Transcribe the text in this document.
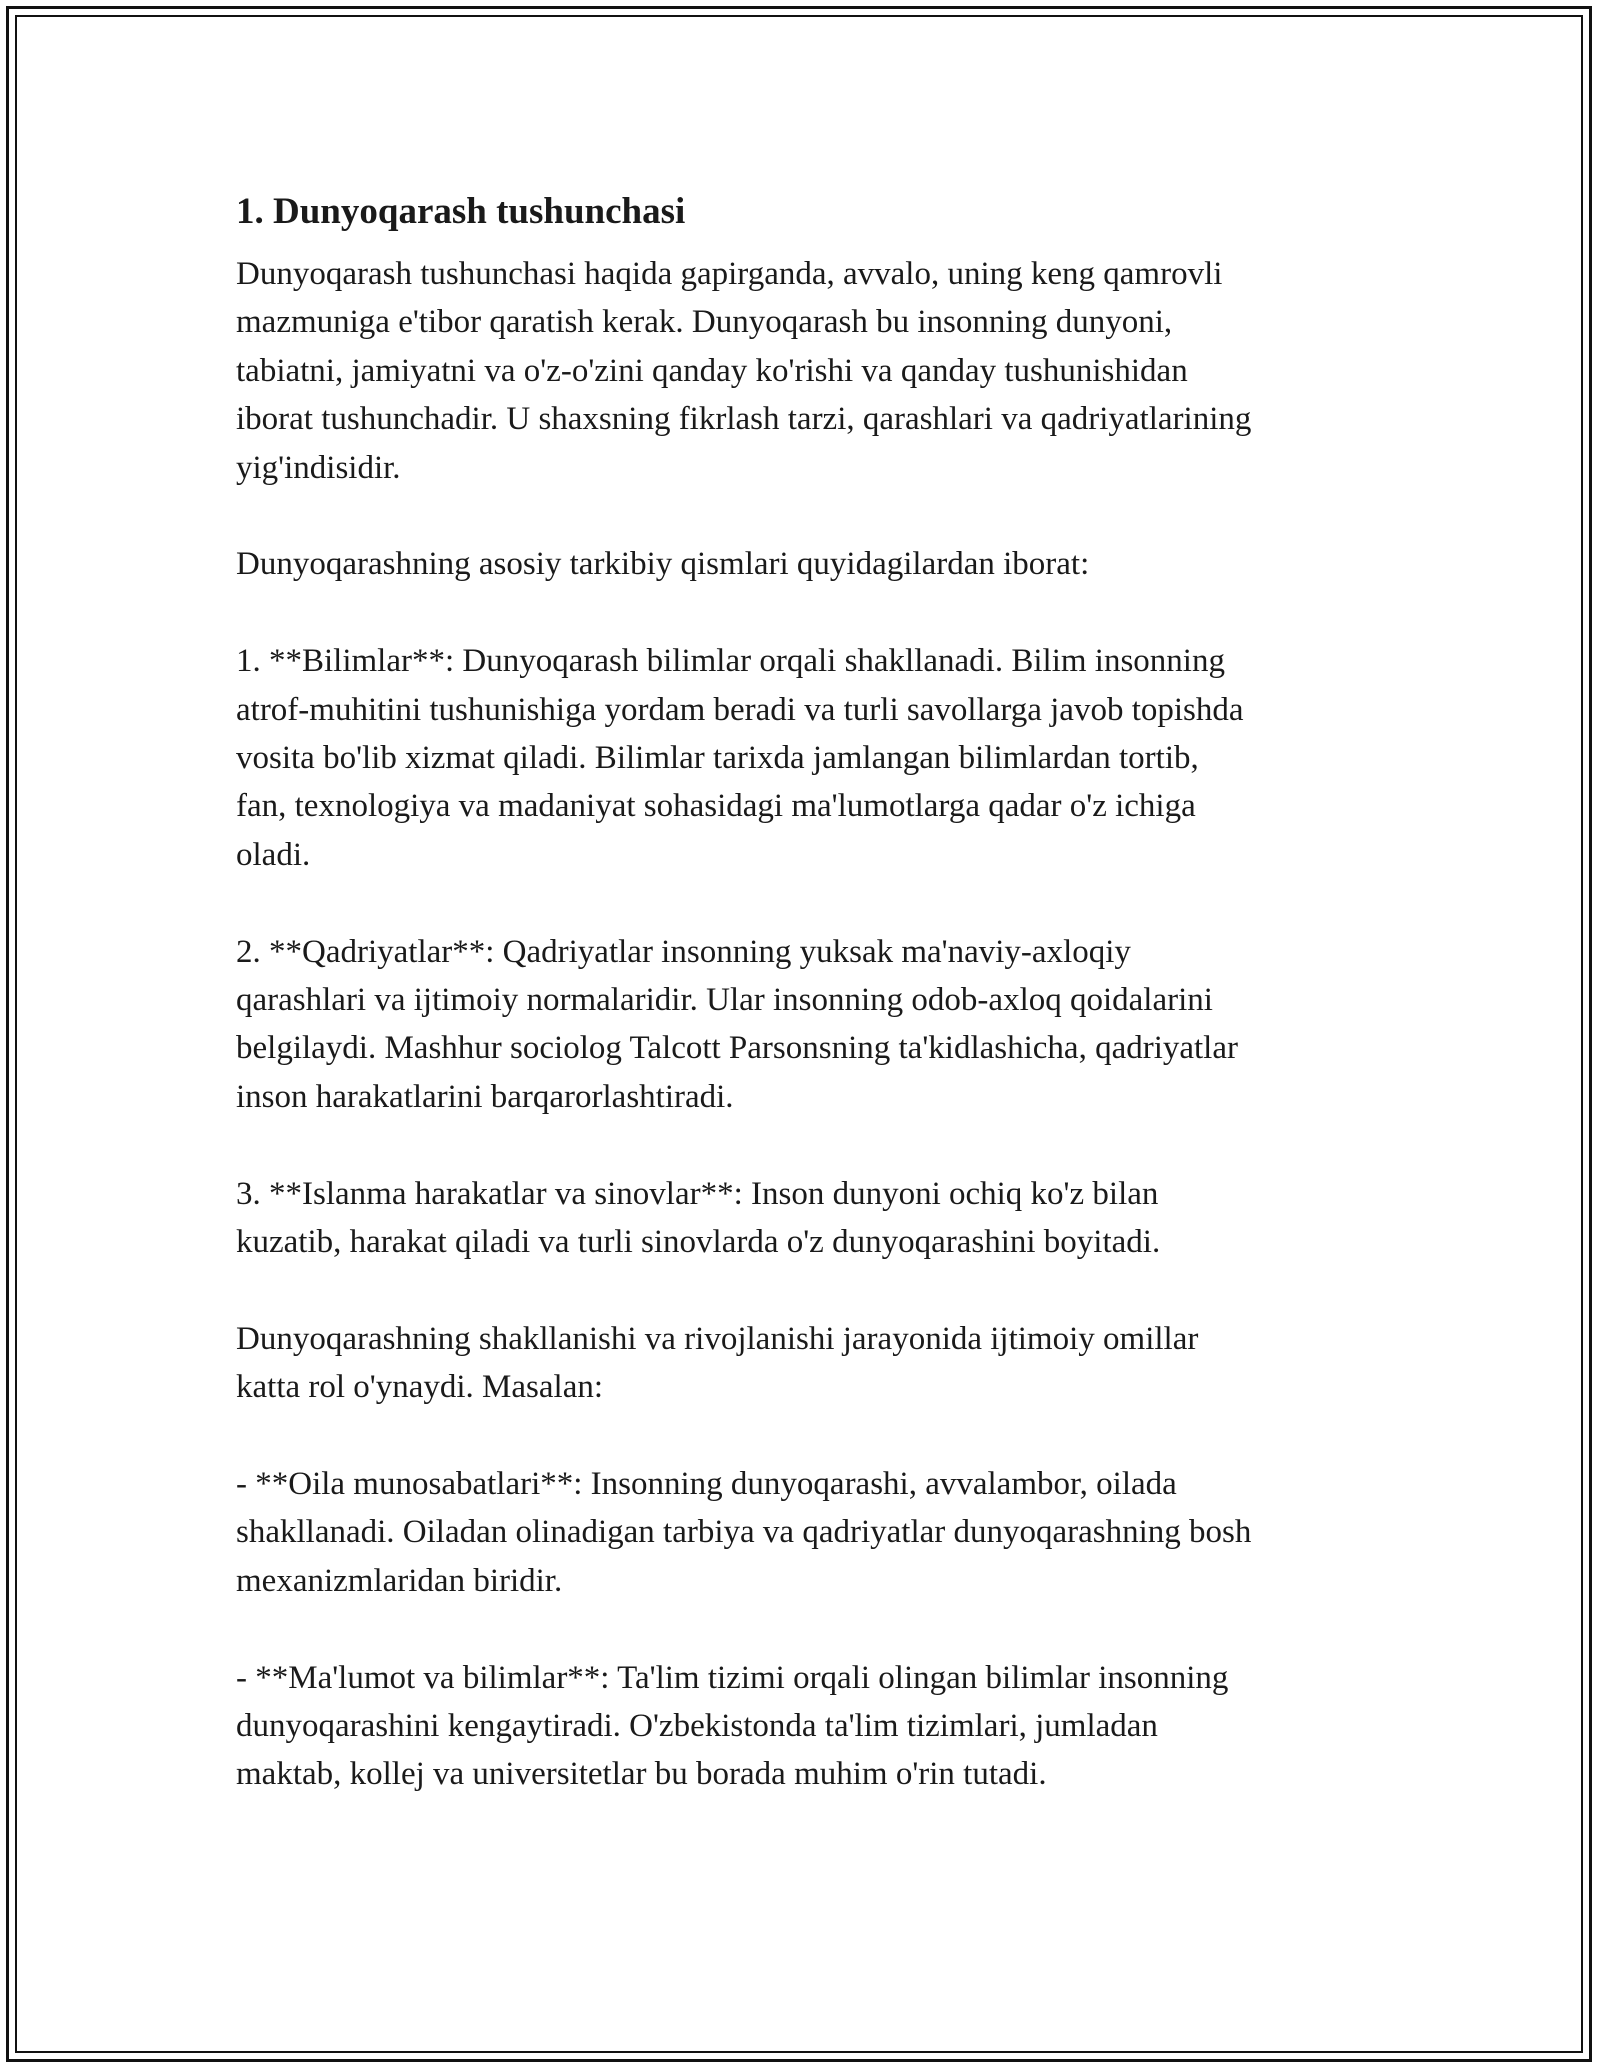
1. Dunyoqarash tushunchasi
Dunyoqarash tushunchasi haqida gapirganda, avvalo, uning keng qamrovli
mazmuniga e'tibor qaratish kerak. Dunyoqarash bu insonning dunyoni,
tabiatni, jamiyatni va o'z-o'zini qanday ko'rishi va qanday tushunishidan
iborat tushunchadir. U shaxsning fikrlash tarzi, qarashlari va qadriyatlarining
yig'indisidir.
Dunyoqarashning asosiy tarkibiy qismlari quyidagilardan iborat:
1. **Bilimlar**: Dunyoqarash bilimlar orqali shakllanadi. Bilim insonning
atrof-muhitini tushunishiga yordam beradi va turli savollarga javob topishda
vosita bo'lib xizmat qiladi. Bilimlar tarixda jamlangan bilimlardan tortib,
fan, texnologiya va madaniyat sohasidagi ma'lumotlarga qadar o'z ichiga
oladi.
2. **Qadriyatlar**: Qadriyatlar insonning yuksak ma'naviy-axloqiy
qarashlari va ijtimoiy normalaridir. Ular insonning odob-axloq qoidalarini
belgilaydi. Mashhur sociolog Talcott Parsonsning ta'kidlashicha, qadriyatlar
inson harakatlarini barqarorlashtiradi.
3. **Islanma harakatlar va sinovlar**: Inson dunyoni ochiq ko'z bilan
kuzatib, harakat qiladi va turli sinovlarda o'z dunyoqarashini boyitadi.
Dunyoqarashning shakllanishi va rivojlanishi jarayonida ijtimoiy omillar
katta rol o'ynaydi. Masalan:
- **Oila munosabatlari**: Insonning dunyoqarashi, avvalambor, oilada
shakllanadi. Oiladan olinadigan tarbiya va qadriyatlar dunyoqarashning bosh
mexanizmlaridan biridir.
- **Ma'lumot va bilimlar**: Ta'lim tizimi orqali olingan bilimlar insonning
dunyoqarashini kengaytiradi. O'zbekistonda ta'lim tizimlari, jumladan
maktab, kollej va universitetlar bu borada muhim o'rin tutadi.
